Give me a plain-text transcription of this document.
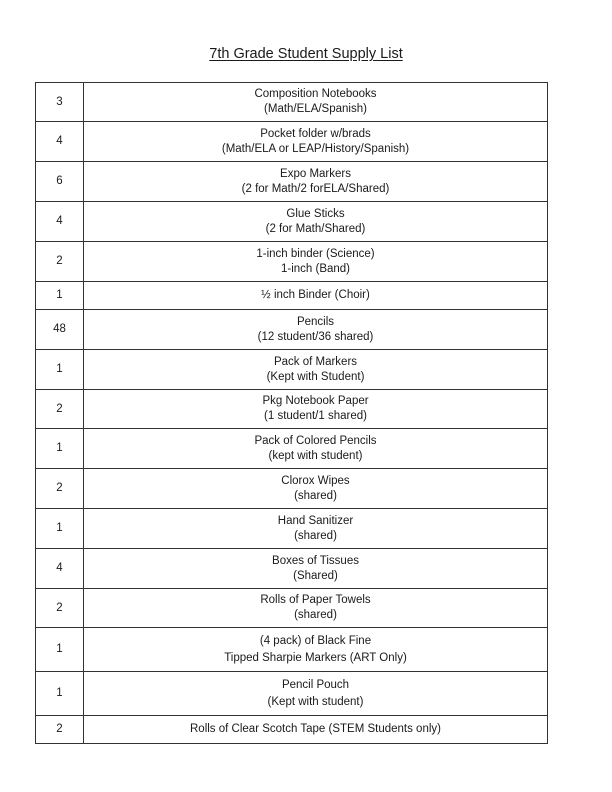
7th Grade Student Supply List
3	Composition Notebooks
(Math/ELA/Spanish)

4	Pocket folder w/brads
(Math/ELA or LEAP/History/Spanish)

6	Expo Markers
(2 for Math/2 forELA/Shared)

4	Glue Sticks
(2 for Math/Shared)

2	1-inch binder (Science)
1-inch (Band)

1	½ inch Binder (Choir)

48	Pencils
(12 student/36 shared)

1	Pack of Markers
(Kept with Student)

2	Pkg Notebook Paper
(1 student/1 shared)

1	Pack of Colored Pencils
(kept with student)

2	Clorox Wipes
(shared)

1	Hand Sanitizer
(shared)

4	Boxes of Tissues
(Shared)

2	Rolls of Paper Towels
(shared)

1	(4 pack) of Black Fine
Tipped Sharpie Markers (ART Only)

1	Pencil Pouch
(Kept with student)

2	Rolls of Clear Scotch Tape (STEM Students only)
